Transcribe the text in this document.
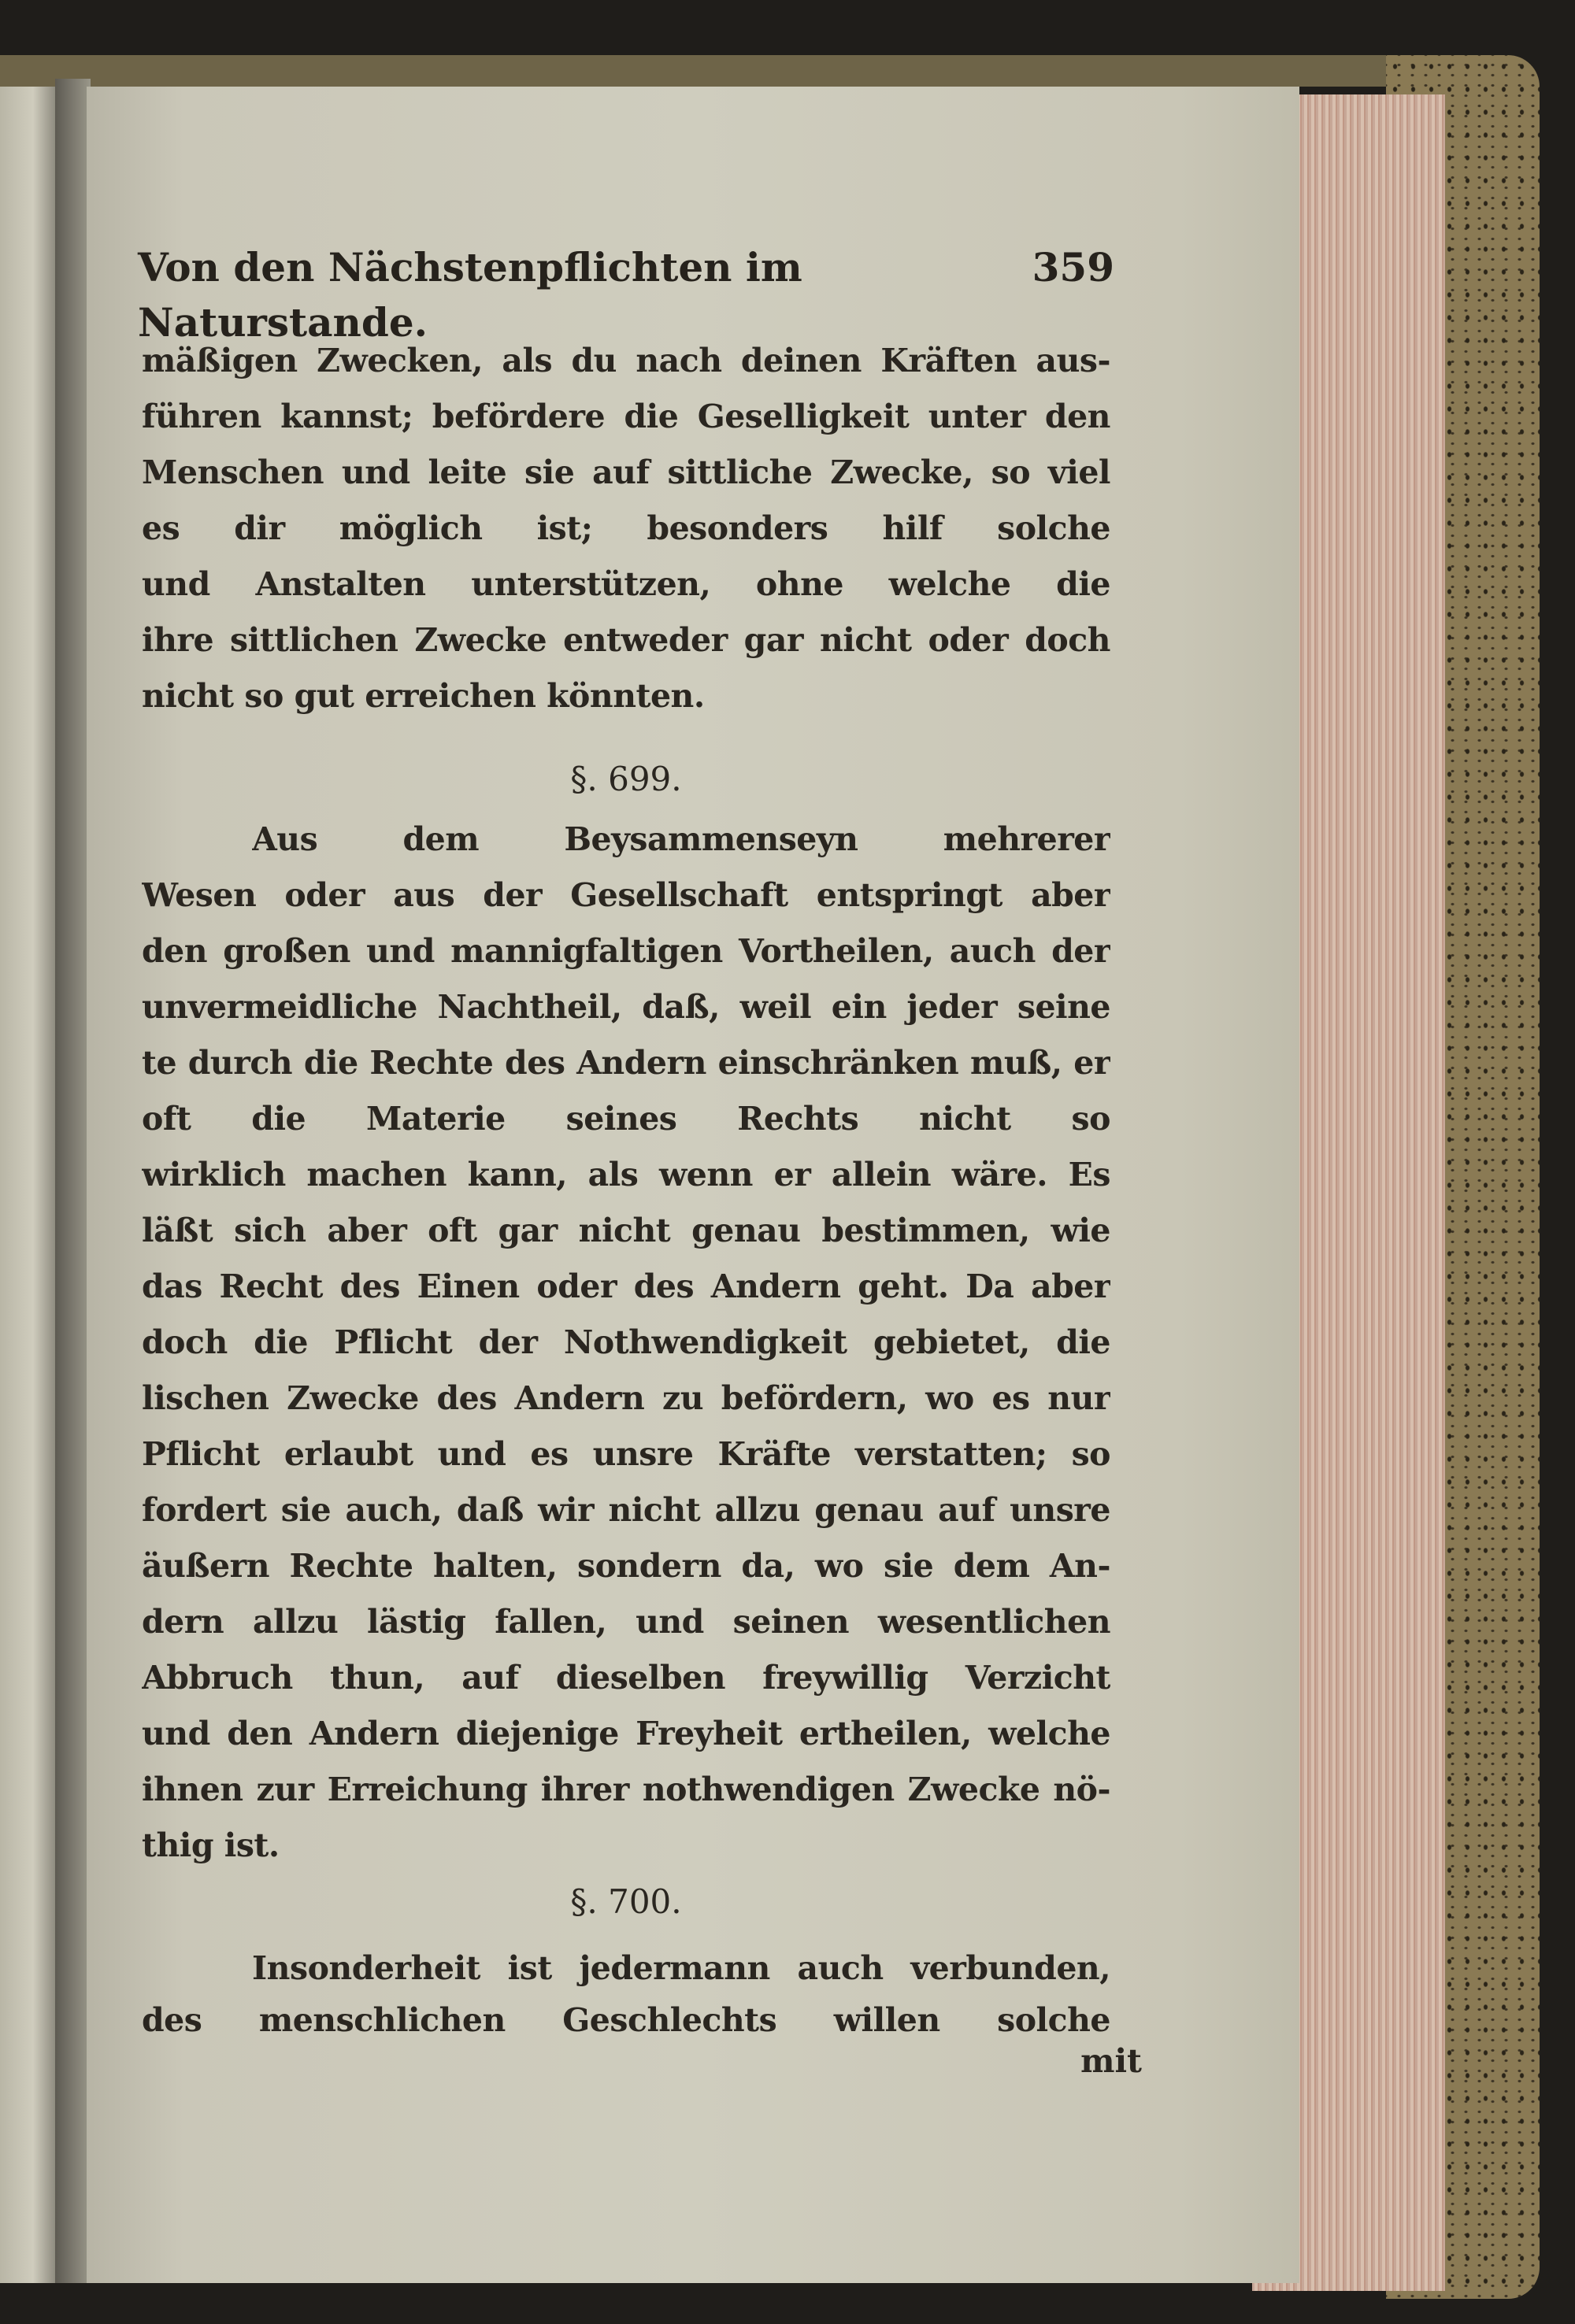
Von den Nächstenpflichten im Naturstande.
359
mäßigen Zwecken, als du nach deinen Kräften aus-
führen kannst; befördere die Geselligkeit unter den
Menschen und leite sie auf sittliche Zwecke, so viel
es dir möglich ist; besonders hilf solche
und Anstalten unterstützen, ohne welche die
ihre sittlichen Zwecke entweder gar nicht oder doch
nicht so gut erreichen könnten.
§. 699.
Aus dem Beysammenseyn mehrerer
Wesen oder aus der Gesellschaft entspringt aber
den großen und mannigfaltigen Vortheilen, auch der
unvermeidliche Nachtheil, daß, weil ein jeder seine
te durch die Rechte des Andern einschränken muß, er
oft die Materie seines Rechts nicht so
wirklich machen kann, als wenn er allein wäre. Es
läßt sich aber oft gar nicht genau bestimmen, wie
das Recht des Einen oder des Andern geht. Da aber
doch die Pflicht der Nothwendigkeit gebietet, die
lischen Zwecke des Andern zu befördern, wo es nur
Pflicht erlaubt und es unsre Kräfte verstatten; so
fordert sie auch, daß wir nicht allzu genau auf unsre
äußern Rechte halten, sondern da, wo sie dem An-
dern allzu lästig fallen, und seinen wesentlichen
Abbruch thun, auf dieselben freywillig Verzicht
und den Andern diejenige Freyheit ertheilen, welche
ihnen zur Erreichung ihrer nothwendigen Zwecke nö-
thig ist.
§. 700.
Insonderheit ist jedermann auch verbunden,
des menschlichen Geschlechts willen solche
mit
